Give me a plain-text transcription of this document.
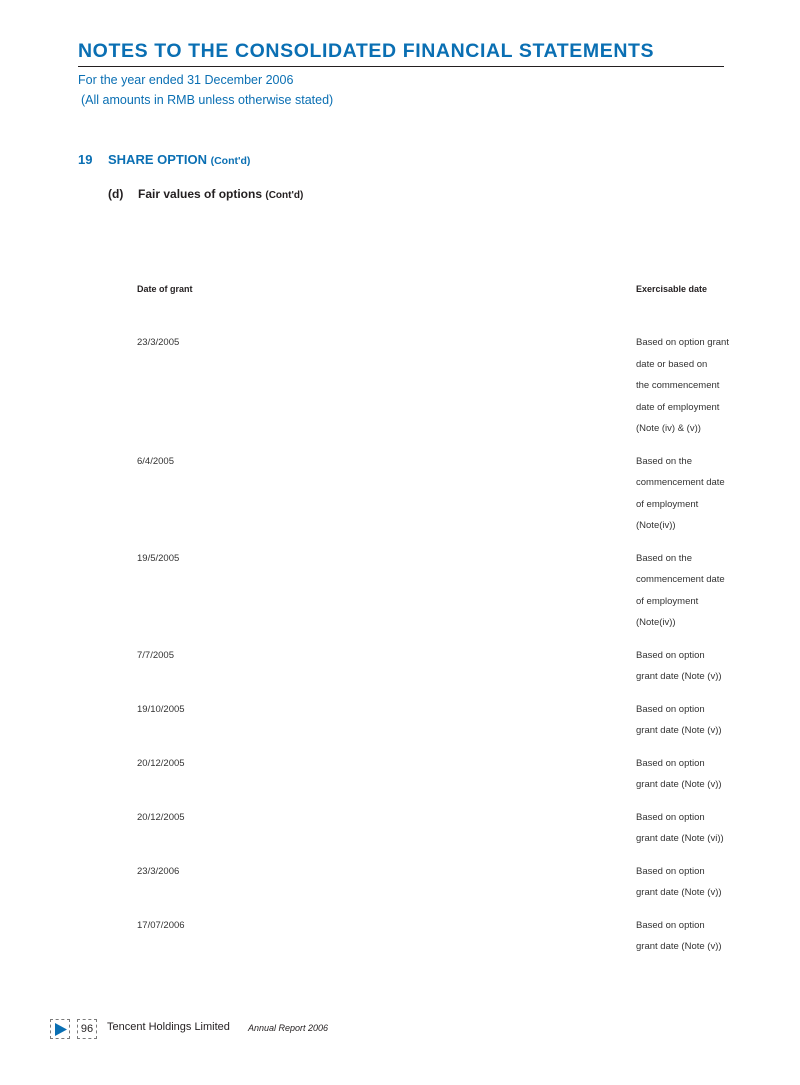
NOTES TO THE CONSOLIDATED FINANCIAL STATEMENTS
For the year ended 31 December 2006
(All amounts in RMB unless otherwise stated)
19 SHARE OPTION (Cont'd)
(d) Fair values of options (Cont'd)
Date of grant	Exercisable date
23/3/2005	Based on option grant
date or based on
the commencement
date of employment
(Note (iv) & (v))
6/4/2005	Based on the
commencement date
of employment
(Note(iv))
19/5/2005	Based on the
commencement date
of employment
(Note(iv))
7/7/2005	Based on option
grant date (Note (v))
19/10/2005	Based on option
grant date (Note (v))
20/12/2005	Based on option
grant date (Note (v))
20/12/2005	Based on option
grant date (Note (vi))
23/3/2006	Based on option
grant date (Note (v))
17/07/2006	Based on option
grant date (Note (v))
96	Tencent Holdings Limited Annual Report 2006
